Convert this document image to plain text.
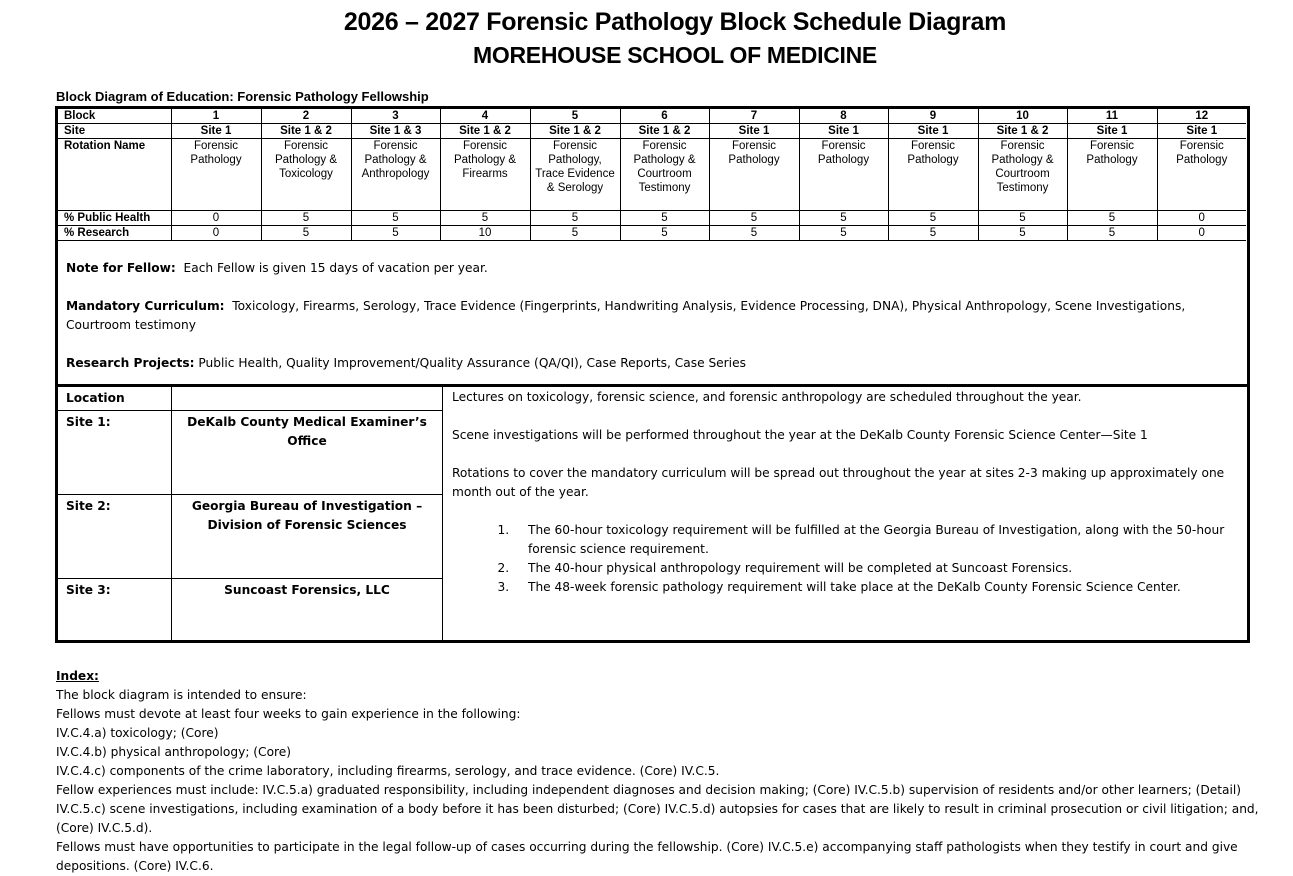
2026 – 2027 Forensic Pathology Block Schedule Diagram
MOREHOUSE SCHOOL OF MEDICINE
Block Diagram of Education: Forensic Pathology Fellowship
Block	1	2	3	4	5	6	7	8	9	10	11	12
Site	Site 1	Site 1 & 2	Site 1 & 3	Site 1 & 2	Site 1 & 2	Site 1 & 2	Site 1	Site 1	Site 1	Site 1 & 2	Site 1	Site 1
Rotation Name	Forensic Pathology	Forensic Pathology & Toxicology	Forensic Pathology & Anthropology	Forensic Pathology & Firearms	Forensic Pathology, Trace Evidence & Serology	Forensic Pathology & Courtroom Testimony	Forensic Pathology	Forensic Pathology	Forensic Pathology	Forensic Pathology & Courtroom Testimony	Forensic Pathology	Forensic Pathology
% Public Health	0	5	5	5	5	5	5	5	5	5	5	0
% Research	0	5	5	10	5	5	5	5	5	5	5	0

Note for Fellow:  Each Fellow is given 15 days of vacation per year.

Mandatory Curriculum:  Toxicology, Firearms, Serology, Trace Evidence (Fingerprints, Handwriting Analysis, Evidence Processing, DNA), Physical Anthropology, Scene Investigations, Courtroom testimony

Research Projects: Public Health, Quality Improvement/Quality Assurance (QA/QI), Case Reports, Case Series

Location	
Site 1:	DeKalb County Medical Examiner’s Office
Site 2:	Georgia Bureau of Investigation – Division of Forensic Sciences
Site 3:	Suncoast Forensics, LLC

Lectures on toxicology, forensic science, and forensic anthropology are scheduled throughout the year.

Scene investigations will be performed throughout the year at the DeKalb County Forensic Science Center—Site 1

Rotations to cover the mandatory curriculum will be spread out throughout the year at sites 2-3 making up approximately one month out of the year.

1. The 60-hour toxicology requirement will be fulfilled at the Georgia Bureau of Investigation, along with the 50-hour forensic science requirement.
2. The 40-hour physical anthropology requirement will be completed at Suncoast Forensics.
3. The 48-week forensic pathology requirement will take place at the DeKalb County Forensic Science Center.
Index:
The block diagram is intended to ensure:
Fellows must devote at least four weeks to gain experience in the following:
IV.C.4.a) toxicology; (Core)
IV.C.4.b) physical anthropology; (Core)
IV.C.4.c) components of the crime laboratory, including firearms, serology, and trace evidence. (Core) IV.C.5.
Fellow experiences must include: IV.C.5.a) graduated responsibility, including independent diagnoses and decision making; (Core) IV.C.5.b) supervision of residents and/or other learners; (Detail) IV.C.5.c) scene investigations, including examination of a body before it has been disturbed; (Core) IV.C.5.d) autopsies for cases that are likely to result in criminal prosecution or civil litigation; and, (Core) IV.C.5.d).
Fellows must have opportunities to participate in the legal follow-up of cases occurring during the fellowship. (Core) IV.C.5.e) accompanying staff pathologists when they testify in court and give depositions. (Core) IV.C.6.
